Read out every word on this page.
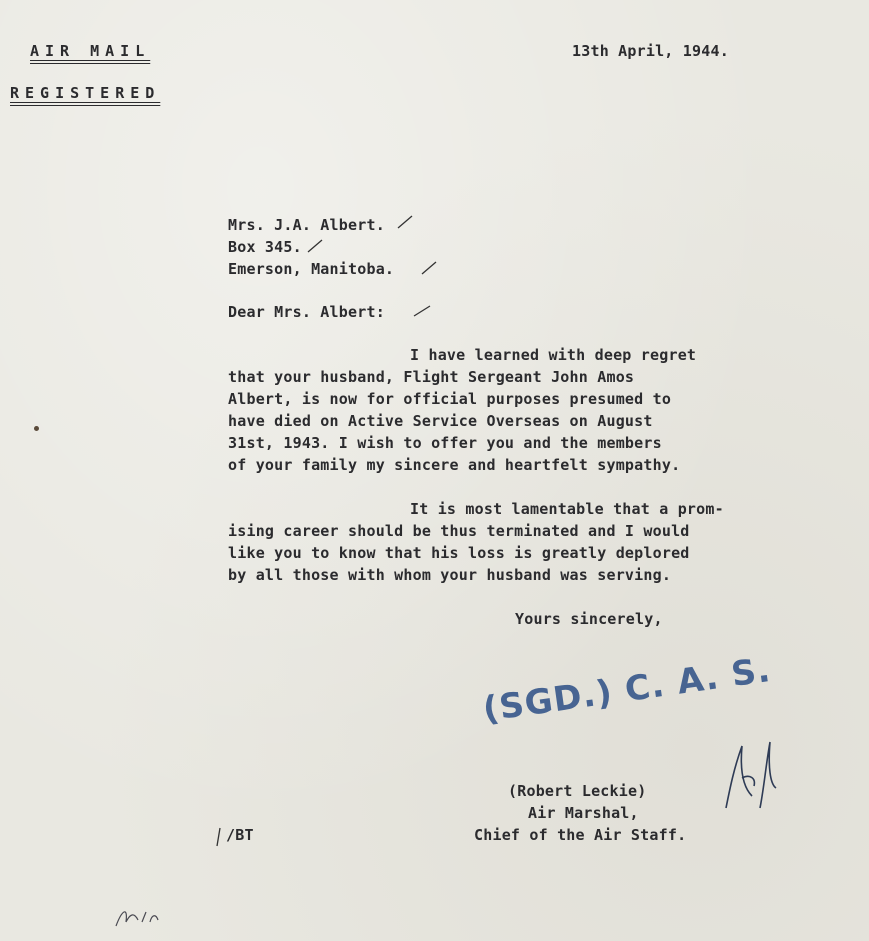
AIR MAIL
REGISTERED
13th April, 1944.
Mrs. J.A. Albert.
Box 345.
Emerson, Manitoba.
Dear Mrs. Albert:
I have learned with deep regret
that your husband, Flight Sergeant John Amos
Albert, is now for official purposes presumed to
have died on Active Service Overseas on August
31st, 1943. I wish to offer you and the members
of your family my sincere and heartfelt sympathy.
It is most lamentable that a prom-
ising career should be thus terminated and I would
like you to know that his loss is greatly deplored
by all those with whom your husband was serving.
Yours sincerely,
(SGD.) C. A. S.
(Robert Leckie)
Air Marshal,
Chief of the Air Staff.
/BT
